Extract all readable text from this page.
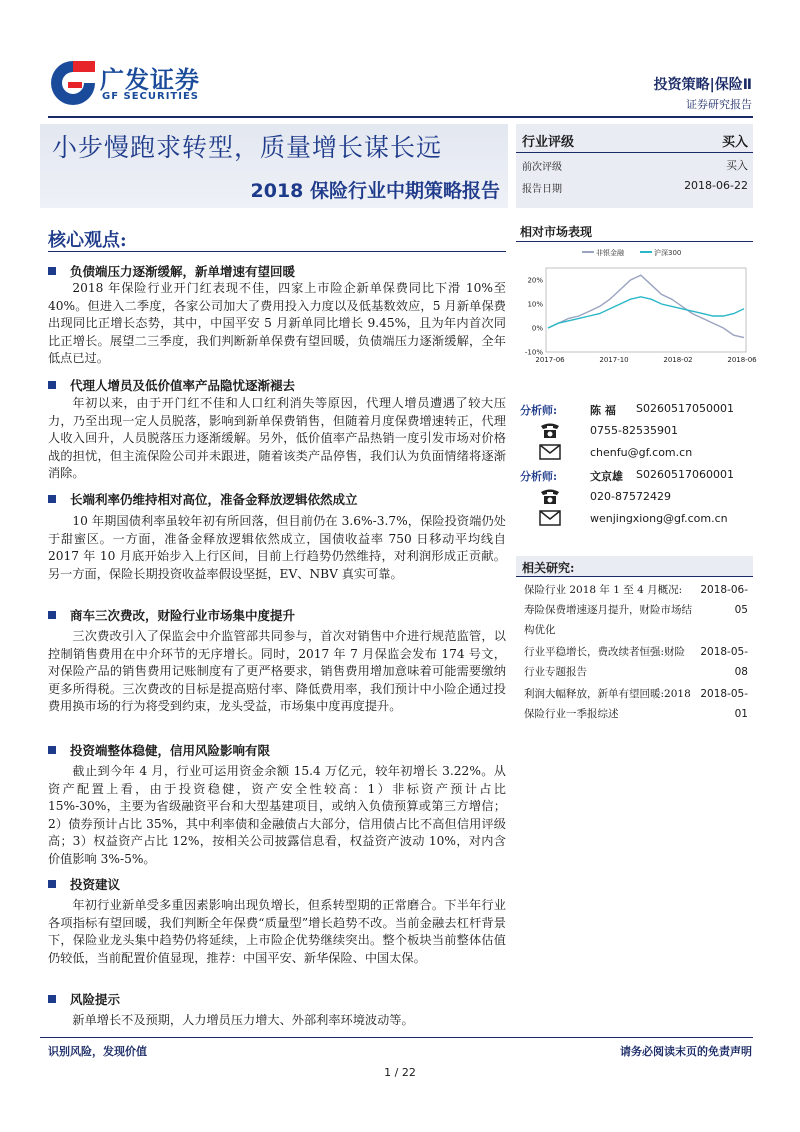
广发证券
GF SECURITIES
投资策略|保险Ⅱ
证券研究报告
小步慢跑求转型，质量增长谋长远
2018 保险行业中期策略报告
行业评级	买入
前次评级	买入
报告日期	2018-06-22
核心观点:
负债端压力逐渐缓解，新单增速有望回暖
2018 年保险行业开门红表现不佳，四家上市险企新单保费同比下滑 10%至 40%。但进入二季度，各家公司加大了费用投入力度以及低基数效应，5 月新单保费出现同比正增长态势，其中，中国平安 5 月新单同比增长 9.45%，且为年内首次同比正增长。展望二三季度，我们判断新单保费有望回暖，负债端压力逐渐缓解，全年低点已过。
代理人增员及低价值率产品隐忧逐渐褪去
年初以来，由于开门红不佳和人口红利消失等原因，代理人增员遭遇了较大压力，乃至出现一定人员脱落，影响到新单保费销售，但随着月度保费增速转正，代理人收入回升，人员脱落压力逐渐缓解。另外，低价值率产品热销一度引发市场对价格战的担忧，但主流保险公司并未跟进，随着该类产品停售，我们认为负面情绪将逐渐消除。
长端利率仍维持相对高位，准备金释放逻辑依然成立
10 年期国债利率虽较年初有所回落，但目前仍在 3.6%-3.7%，保险投资端仍处于甜蜜区。一方面，准备金释放逻辑依然成立，国债收益率 750 日移动平均线自 2017 年 10 月底开始步入上行区间，目前上行趋势仍然维持，对利润形成正贡献。另一方面，保险长期投资收益率假设坚挺，EV、NBV 真实可靠。
商车三次费改，财险行业市场集中度提升
三次费改引入了保监会中介监管部共同参与，首次对销售中介进行规范监管，以控制销售费用在中介环节的无序增长。同时，2017 年 7 月保监会发布 174 号文，对保险产品的销售费用记账制度有了更严格要求，销售费用增加意味着可能需要缴纳更多所得税。三次费改的目标是提高赔付率、降低费用率，我们预计中小险企通过投费用换市场的行为将受到约束，龙头受益，市场集中度再度提升。
投资端整体稳健，信用风险影响有限
截止到今年 4 月，行业可运用资金余额 15.4 万亿元，较年初增长 3.22%。从资产配置上看，由于投资稳健，资产安全性较高：1）非标资产预计占比 15%-30%，主要为省级融资平台和大型基建项目，或纳入负债预算或第三方增信；2）债券预计占比 35%，其中利率债和金融债占大部分，信用债占比不高但信用评级高；3）权益资产占比 12%，按相关公司披露信息看，权益资产波动 10%，对内含价值影响 3%-5%。
投资建议
年初行业新单受多重因素影响出现负增长，但系转型期的正常磨合。下半年行业各项指标有望回暖，我们判断全年保费“质量型”增长趋势不改。当前金融去杠杆背景下，保险业龙头集中趋势仍将延续，上市险企优势继续突出。整个板块当前整体估值仍较低，当前配置价值显现，推荐：中国平安、新华保险、中国太保。
风险提示
新单增长不及预期，人力增员压力增大、外部利率环境波动等。
相对市场表现
非银金融	沪深300
20%
10%
0%
-10%
2017-06	2017-10	2018-02	2018-06
分析师:	陈 福 S0260517050001
0755-82535901
chenfu@gf.com.cn
分析师:	文京雄 S0260517060001
020-87572429
wenjingxiong@gf.com.cn
相关研究:
保险行业 2018 年 1 至 4 月概况:寿险保费增速逐月提升，财险市场结构优化
2018-06-05
行业平稳增长，费改续者恒强:财险行业专题报告
2018-05-08
利润大幅释放，新单有望回暖:2018 保险行业一季报综述
2018-05-01
识别风险，发现价值	请务必阅读末页的免责声明
1 / 22
